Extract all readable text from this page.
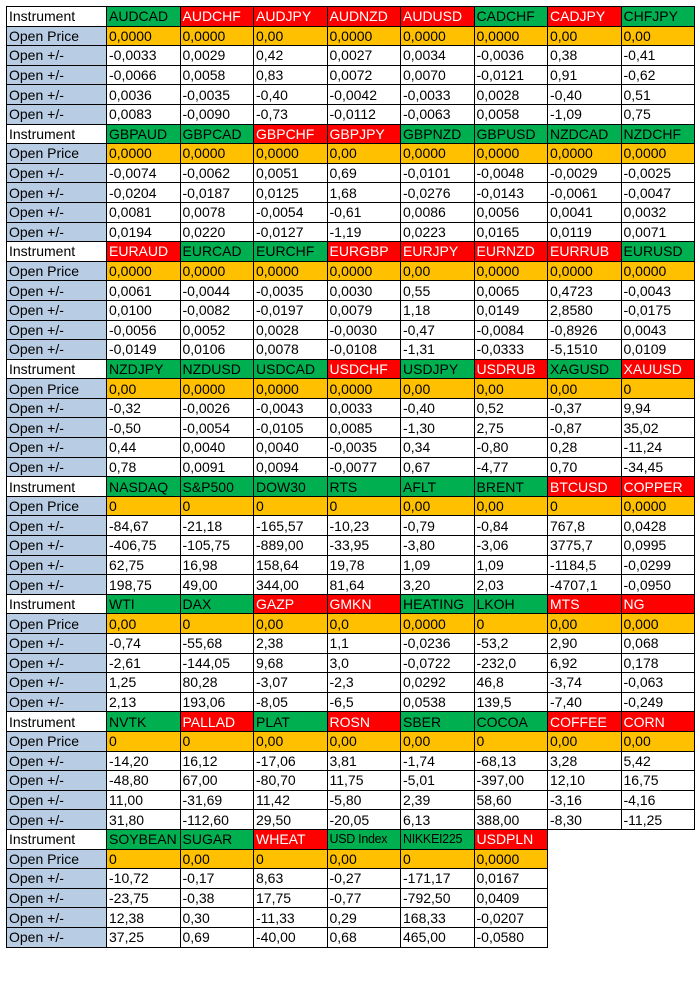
Instrument	AUDCAD	AUDCHF	AUDJPY	AUDNZD	AUDUSD	CADCHF	CADJPY	CHFJPY
Open Price	0,0000	0,0000	0,00	0,0000	0,0000	0,0000	0,00	0,00
Open +/-	-0,0033	0,0029	0,42	0,0027	0,0034	-0,0036	0,38	-0,41
Open +/-	-0,0066	0,0058	0,83	0,0072	0,0070	-0,0121	0,91	-0,62
Open +/-	0,0036	-0,0035	-0,40	-0,0042	-0,0033	0,0028	-0,40	0,51
Open +/-	0,0083	-0,0090	-0,73	-0,0112	-0,0063	0,0058	-1,09	0,75
Instrument	GBPAUD	GBPCAD	GBPCHF	GBPJPY	GBPNZD	GBPUSD	NZDCAD	NZDCHF
Open Price	0,0000	0,0000	0,0000	0,00	0,0000	0,0000	0,0000	0,0000
Open +/-	-0,0074	-0,0062	0,0051	0,69	-0,0101	-0,0048	-0,0029	-0,0025
Open +/-	-0,0204	-0,0187	0,0125	1,68	-0,0276	-0,0143	-0,0061	-0,0047
Open +/-	0,0081	0,0078	-0,0054	-0,61	0,0086	0,0056	0,0041	0,0032
Open +/-	0,0194	0,0220	-0,0127	-1,19	0,0223	0,0165	0,0119	0,0071
Instrument	EURAUD	EURCAD	EURCHF	EURGBP	EURJPY	EURNZD	EURRUB	EURUSD
Open Price	0,0000	0,0000	0,0000	0,0000	0,00	0,0000	0,0000	0,0000
Open +/-	0,0061	-0,0044	-0,0035	0,0030	0,55	0,0065	0,4723	-0,0043
Open +/-	0,0100	-0,0082	-0,0197	0,0079	1,18	0,0149	2,8580	-0,0175
Open +/-	-0,0056	0,0052	0,0028	-0,0030	-0,47	-0,0084	-0,8926	0,0043
Open +/-	-0,0149	0,0106	0,0078	-0,0108	-1,31	-0,0333	-5,1510	0,0109
Instrument	NZDJPY	NZDUSD	USDCAD	USDCHF	USDJPY	USDRUB	XAGUSD	XAUUSD
Open Price	0,00	0,0000	0,0000	0,0000	0,00	0,00	0,00	0
Open +/-	-0,32	-0,0026	-0,0043	0,0033	-0,40	0,52	-0,37	9,94
Open +/-	-0,50	-0,0054	-0,0105	0,0085	-1,30	2,75	-0,87	35,02
Open +/-	0,44	0,0040	0,0040	-0,0035	0,34	-0,80	0,28	-11,24
Open +/-	0,78	0,0091	0,0094	-0,0077	0,67	-4,77	0,70	-34,45
Instrument	NASDAQ	S&P500	DOW30	RTS	AFLT	BRENT	BTCUSD	COPPER
Open Price	0	0	0	0	0,00	0,00	0	0,0000
Open +/-	-84,67	-21,18	-165,57	-10,23	-0,79	-0,84	767,8	0,0428
Open +/-	-406,75	-105,75	-889,00	-33,95	-3,80	-3,06	3775,7	0,0995
Open +/-	62,75	16,98	158,64	19,78	1,09	1,09	-1184,5	-0,0299
Open +/-	198,75	49,00	344,00	81,64	3,20	2,03	-4707,1	-0,0950
Instrument	WTI	DAX	GAZP	GMKN	HEATING	LKOH	MTS	NG
Open Price	0,00	0	0,00	0,0	0,0000	0	0,00	0,000
Open +/-	-0,74	-55,68	2,38	1,1	-0,0236	-53,2	2,90	0,068
Open +/-	-2,61	-144,05	9,68	3,0	-0,0722	-232,0	6,92	0,178
Open +/-	1,25	80,28	-3,07	-2,3	0,0292	46,8	-3,74	-0,063
Open +/-	2,13	193,06	-8,05	-6,5	0,0538	139,5	-7,40	-0,249
Instrument	NVTK	PALLAD	PLAT	ROSN	SBER	COCOA	COFFEE	CORN
Open Price	0	0	0,00	0,00	0,00	0	0,00	0,00
Open +/-	-14,20	16,12	-17,06	3,81	-1,74	-68,13	3,28	5,42
Open +/-	-48,80	67,00	-80,70	11,75	-5,01	-397,00	12,10	16,75
Open +/-	11,00	-31,69	11,42	-5,80	2,39	58,60	-3,16	-4,16
Open +/-	31,80	-112,60	29,50	-20,05	6,13	388,00	-8,30	-11,25
Instrument	SOYBEAN	SUGAR	WHEAT	USD Index	NIKKEI225	USDPLN		
Open Price	0	0,00	0	0,00	0	0,0000		
Open +/-	-10,72	-0,17	8,63	-0,27	-171,17	0,0167		
Open +/-	-23,75	-0,38	17,75	-0,77	-792,50	0,0409		
Open +/-	12,38	0,30	-11,33	0,29	168,33	-0,0207		
Open +/-	37,25	0,69	-40,00	0,68	465,00	-0,0580		
